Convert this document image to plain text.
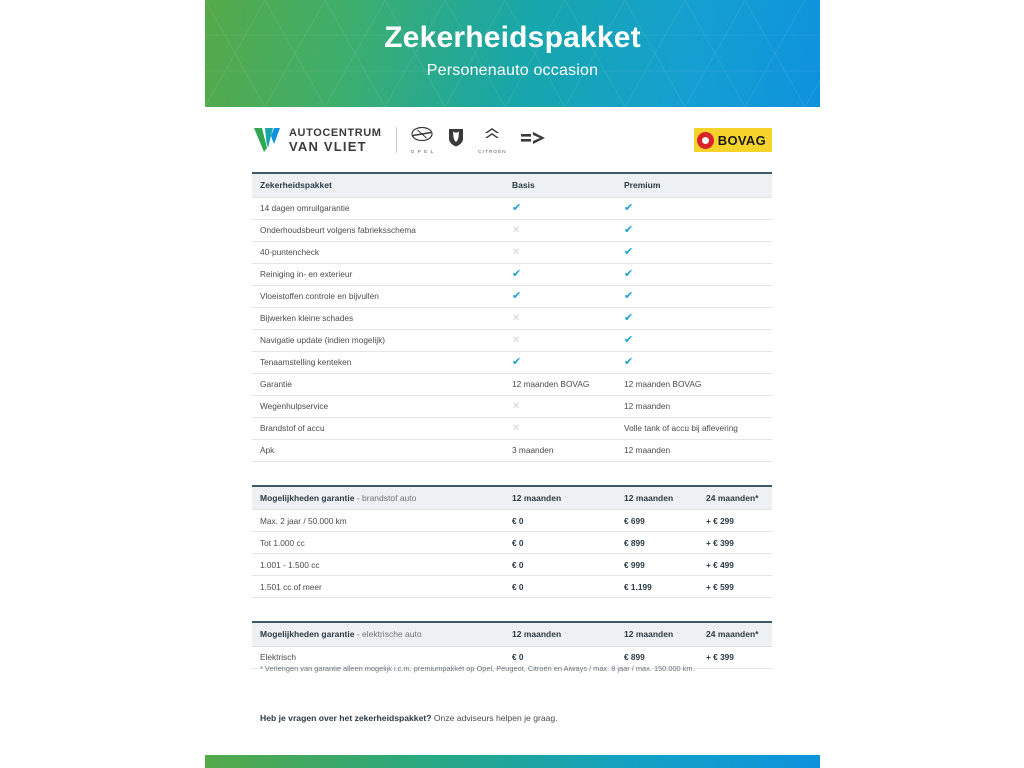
Zekerheidspakket
Personenauto occasion
AUTOCENTRUM
VAN VLIET	O P E L	CITROËN
BOVAG
Zekerheidspakket	Basis	Premium
14 dagen omruilgarantie	✔	✔
Onderhoudsbeurt volgens fabrieksschema	✕	✔
40-puntencheck	✕	✔
Reiniging in- en exterieur	✔	✔
Vloeistoffen controle en bijvullen	✔	✔
Bijwerken kleine schades	✕	✔
Navigatie update (indien mogelijk)	✕	✔
Tenaamstelling kenteken	✔	✔
Garantie	12 maanden BOVAG	12 maanden BOVAG
Wegenhulpservice	✕	12 maanden
Brandstof of accu	✕	Volle tank of accu bij aflevering
Apk	3 maanden	12 maanden
Mogelijkheden garantie - brandstof auto	12 maanden	12 maanden	24 maanden*
Max. 2 jaar / 50.000 km	€ 0	€ 699	+ € 299
Tot 1.000 cc	€ 0	€ 899	+ € 399
1.001 - 1.500 cc	€ 0	€ 999	+ € 499
1.501 cc of meer	€ 0	€ 1.199	+ € 599
Mogelijkheden garantie - elektrische auto	12 maanden	12 maanden	24 maanden*
Elektrisch	€ 0	€ 899	+ € 399
* Verlengen van garantie alleen mogelijk i.c.m. premiumpakket op Opel, Peugeot, Citroën en Aiways / max. 8 jaar / max. 150.000 km.
Heb je vragen over het zekerheidspakket? Onze adviseurs helpen je graag.
